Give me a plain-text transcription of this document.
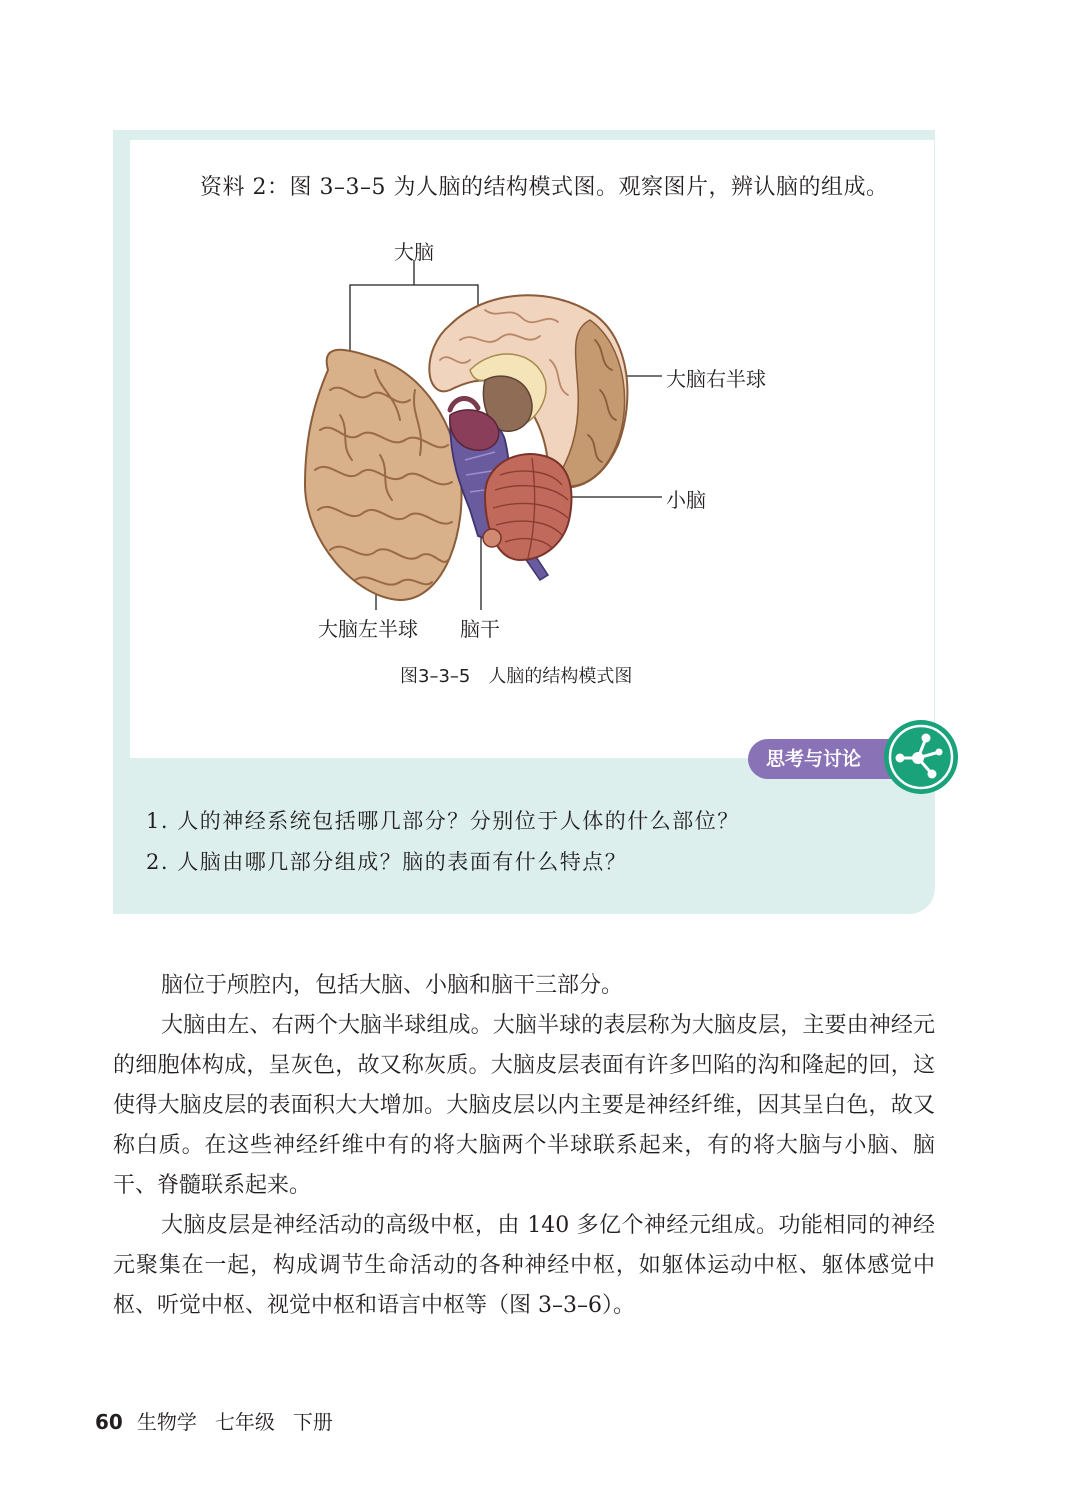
资料 2：图 3–3–5 为人脑的结构模式图。观察图片，辨认脑的组成。
大脑
大脑右半球
小脑
大脑左半球 脑干
图3–3–5　人脑的结构模式图
思考与讨论
1. 人的神经系统包括哪几部分？分别位于人体的什么部位？
2. 人脑由哪几部分组成？脑的表面有什么特点？

脑位于颅腔内，包括大脑、小脑和脑干三部分。

大脑由左、右两个大脑半球组成。大脑半球的表层称为大脑皮层，主要由神经元的细胞体构成，呈灰色，故又称灰质。大脑皮层表面有许多凹陷的沟和隆起的回，这使得大脑皮层的表面积大大增加。大脑皮层以内主要是神经纤维，因其呈白色，故又称白质。在这些神经纤维中有的将大脑两个半球联系起来，有的将大脑与小脑、脑干、脊髓联系起来。

大脑皮层是神经活动的高级中枢，由 140 多亿个神经元组成。功能相同的神经元聚集在一起，构成调节生命活动的各种神经中枢，如躯体运动中枢、躯体感觉中枢、听觉中枢、视觉中枢和语言中枢等（图 3–3–6）。

60 生物学 七年级 下册
